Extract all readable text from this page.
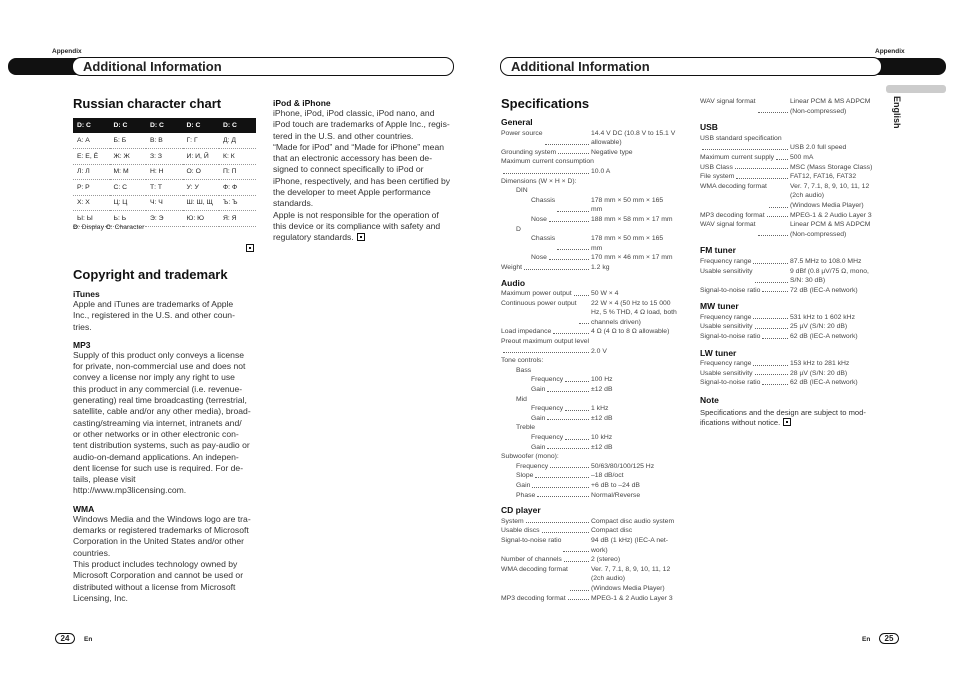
Appendix
Additional Information
Russian character chart
D: C	D: C	D: C	D: C	D: C
А: А	Б: Б	В: В	Г: Г	Д: Д
Е: Е, Ё	Ж: Ж	З: З	И: И, Й	К: К
Л: Л	М: М	Н: Н	О: О	П: П
Р: Р	С: С	Т: Т	У: У	Ф: Ф
Х: Х	Ц: Ц	Ч: Ч	Ш: Ш, Щ	Ъ: Ъ
Ы: Ы	Ь: Ь	Э: Э	Ю: Ю	Я: Я
D: Display C: Character
Copyright and trademark
iTunes
Apple and iTunes are trademarks of Apple
Inc., registered in the U.S. and other coun-
tries.
MP3
Supply of this product only conveys a license
for private, non-commercial use and does not
convey a license nor imply any right to use
this product in any commercial (i.e. revenue-
generating) real time broadcasting (terrestrial,
satellite, cable and/or any other media), broad-
casting/streaming via internet, intranets and/
or other networks or in other electronic con-
tent distribution systems, such as pay-audio or
audio-on-demand applications. An indepen-
dent license for such use is required. For de-
tails, please visit
http://www.mp3licensing.com.
WMA
Windows Media and the Windows logo are tra-
demarks or registered trademarks of Microsoft
Corporation in the United States and/or other
countries.
This product includes technology owned by
Microsoft Corporation and cannot be used or
distributed without a license from Microsoft
Licensing, Inc.
iPod & iPhone
iPhone, iPod, iPod classic, iPod nano, and
iPod touch are trademarks of Apple Inc., regis-
tered in the U.S. and other countries.
“Made for iPod” and “Made for iPhone” mean
that an electronic accessory has been de-
signed to connect specifically to iPod or
iPhone, respectively, and has been certified by
the developer to meet Apple performance
standards.
Apple is not responsible for the operation of
this device or its compliance with safety and
regulatory standards.
24	En
Appendix
Additional Information
English
Specifications
General
Power source	14.4 V DC (10.8 V to 15.1 V
allowable)
Grounding system	Negative type
Maximum current consumption
10.0 A
Dimensions (W × H × D):
DIN
Chassis	178 mm × 50 mm × 165
mm
Nose	188 mm × 58 mm × 17 mm
D
Chassis	178 mm × 50 mm × 165
mm
Nose	170 mm × 46 mm × 17 mm
Weight	1.2 kg
Audio
Maximum power output	50 W × 4
Continuous power output 22 W × 4 (50 Hz to 15 000
Hz, 5 % THD, 4 Ω load, both
channels driven)
Load impedance	4 Ω (4 Ω to 8 Ω allowable)
Preout maximum output level
2.0 V
Tone controls:
Bass
Frequency	100 Hz
Gain	±12 dB
Mid
Frequency	1 kHz
Gain	±12 dB
Treble
Frequency	10 kHz
Gain	±12 dB
Subwoofer (mono):
Frequency	50/63/80/100/125 Hz
Slope	–18 dB/oct
Gain	+6 dB to –24 dB
Phase	Normal/Reverse
CD player
System	Compact disc audio system
Usable discs	Compact disc
Signal-to-noise ratio	94 dB (1 kHz) (IEC-A net-
work)
Number of channels	2 (stereo)
WMA decoding format	Ver. 7, 7.1, 8, 9, 10, 11, 12
(2ch audio)
(Windows Media Player)
MP3 decoding format	MPEG-1 & 2 Audio Layer 3
WAV signal format	Linear PCM & MS ADPCM
(Non-compressed)
USB
USB standard specification
USB 2.0 full speed
Maximum current supply 500 mA
USB Class	MSC (Mass Storage Class)
File system	FAT12, FAT16, FAT32
WMA decoding format	Ver. 7, 7.1, 8, 9, 10, 11, 12
(2ch audio)
(Windows Media Player)
MP3 decoding format	MPEG-1 & 2 Audio Layer 3
WAV signal format	Linear PCM & MS ADPCM
(Non-compressed)
FM tuner
Frequency range	87.5 MHz to 108.0 MHz
Usable sensitivity	9 dBf (0.8 µV/75 Ω, mono,
S/N: 30 dB)
Signal-to-noise ratio	72 dB (IEC-A network)
MW tuner
Frequency range	531 kHz to 1 602 kHz
Usable sensitivity	25 µV (S/N: 20 dB)
Signal-to-noise ratio	62 dB (IEC-A network)
LW tuner
Frequency range	153 kHz to 281 kHz
Usable sensitivity	28 µV (S/N: 20 dB)
Signal-to-noise ratio	62 dB (IEC-A network)
Note
Specifications and the design are subject to mod-
ifications without notice.
En	25
